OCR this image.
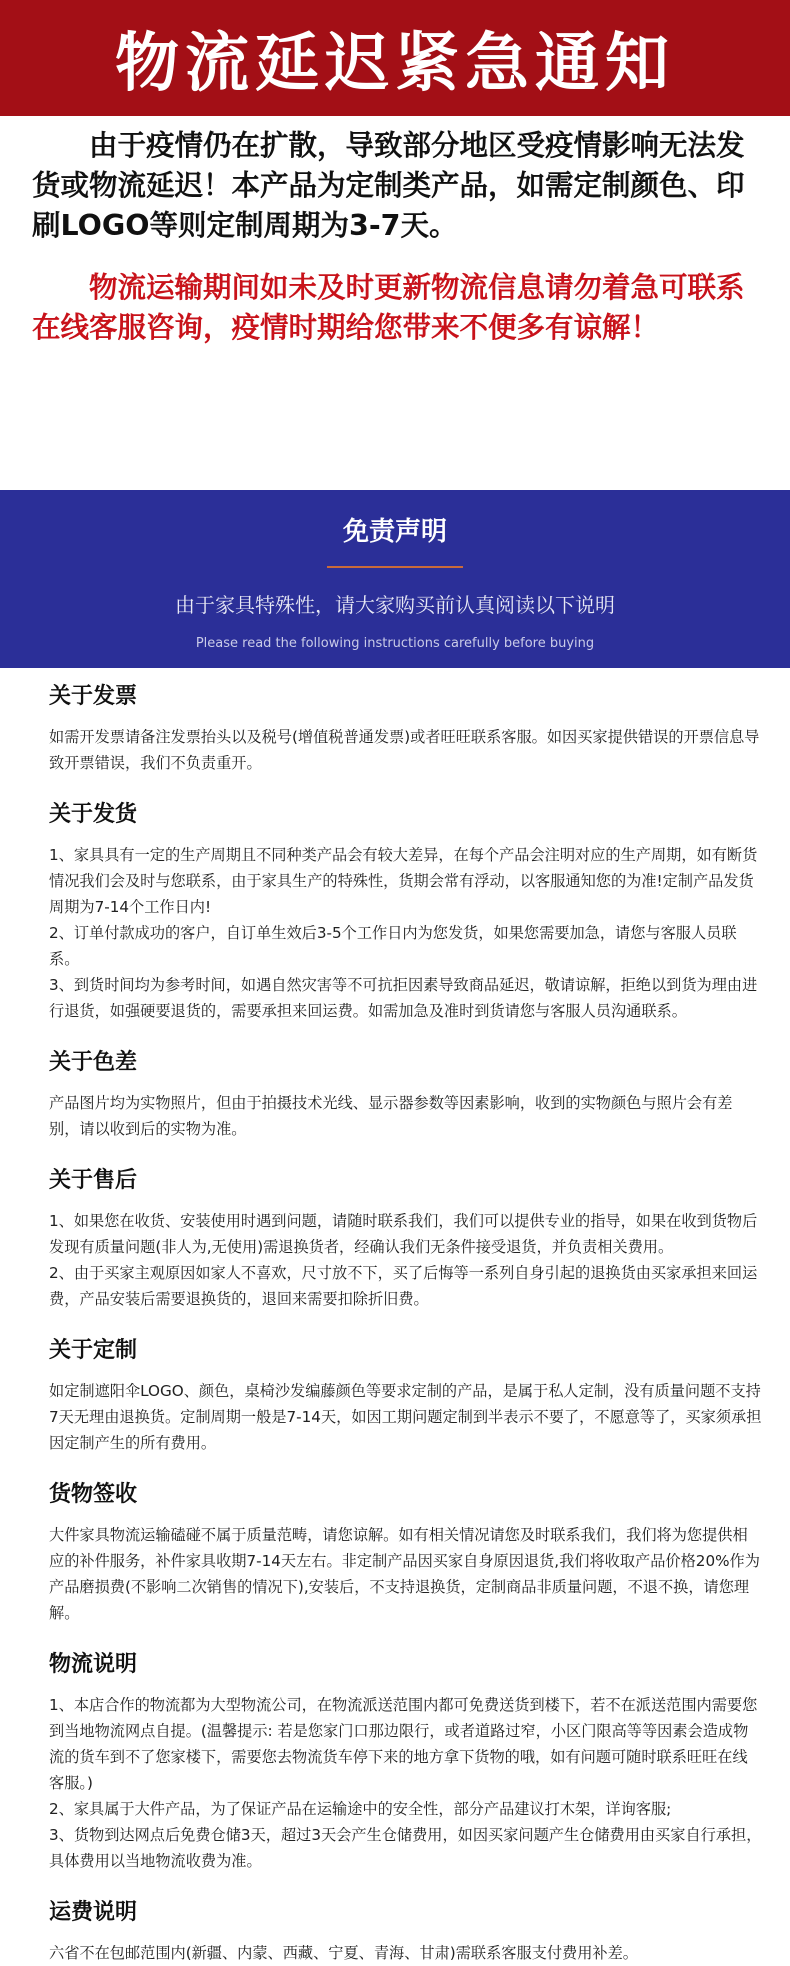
物流延迟紧急通知

由于疫情仍在扩散，导致部分地区受疫情影响无法发货或物流延迟！本产品为定制类产品，如需定制颜色、印刷LOGO等则定制周期为3-7天。

物流运输期间如未及时更新物流信息请勿着急可联系在线客服咨询，疫情时期给您带来不便多有谅解！

免责声明
由于家具特殊性，请大家购买前认真阅读以下说明
Please read the following instructions carefully before buying
关于发票

如需开发票请备注发票抬头以及税号(增值税普通发票)或者旺旺联系客服。如因买家提供错误的开票信息导致开票错误，我们不负责重开。

关于发货

1、家具具有一定的生产周期且不同种类产品会有较大差异，在每个产品会注明对应的生产周期，如有断货情况我们会及时与您联系，由于家具生产的特殊性，货期会常有浮动，以客服通知您的为准!定制产品发货周期为7-14个工作日内!

2、订单付款成功的客户，自订单生效后3-5个工作日内为您发货，如果您需要加急，请您与客服人员联系。

3、到货时间均为参考时间，如遇自然灾害等不可抗拒因素导致商品延迟，敬请谅解，拒绝以到货为理由进行退货，如强硬要退货的，需要承担来回运费。如需加急及准时到货请您与客服人员沟通联系。

关于色差

产品图片均为实物照片，但由于拍摄技术光线、显示器参数等因素影响，收到的实物颜色与照片会有差别，请以收到后的实物为准。

关于售后

1、如果您在收货、安装使用时遇到问题，请随时联系我们，我们可以提供专业的指导，如果在收到货物后发现有质量问题(非人为,无使用)需退换货者，经确认我们无条件接受退货，并负责相关费用。

2、由于买家主观原因如家人不喜欢，尺寸放不下，买了后悔等一系列自身引起的退换货由买家承担来回运费，产品安装后需要退换货的，退回来需要扣除折旧费。

关于定制

如定制遮阳伞LOGO、颜色，桌椅沙发编藤颜色等要求定制的产品，是属于私人定制，没有质量问题不支持7天无理由退换货。定制周期一般是7-14天，如因工期问题定制到半表示不要了，不愿意等了，买家须承担因定制产生的所有费用。

货物签收

大件家具物流运输磕碰不属于质量范畴，请您谅解。如有相关情况请您及时联系我们，我们将为您提供相应的补件服务，补件家具收期7-14天左右。非定制产品因买家自身原因退货,我们将收取产品价格20%作为产品磨损费(不影响二次销售的情况下),安装后，不支持退换货，定制商品非质量问题，不退不换，请您理解。

物流说明

1、本店合作的物流都为大型物流公司，在物流派送范围内都可免费送货到楼下，若不在派送范围内需要您到当地物流网点自提。(温馨提示: 若是您家门口那边限行，或者道路过窄，小区门限高等等因素会造成物流的货车到不了您家楼下，需要您去物流货车停下来的地方拿下货物的哦，如有问题可随时联系旺旺在线客服。)

2、家具属于大件产品，为了保证产品在运输途中的安全性，部分产品建议打木架，详询客服;

3、货物到达网点后免费仓储3天，超过3天会产生仓储费用，如因买家问题产生仓储费用由买家自行承担，具体费用以当地物流收费为准。

运费说明

六省不在包邮范围内(新疆、内蒙、西藏、宁夏、青海、甘肃)需联系客服支付费用补差。
